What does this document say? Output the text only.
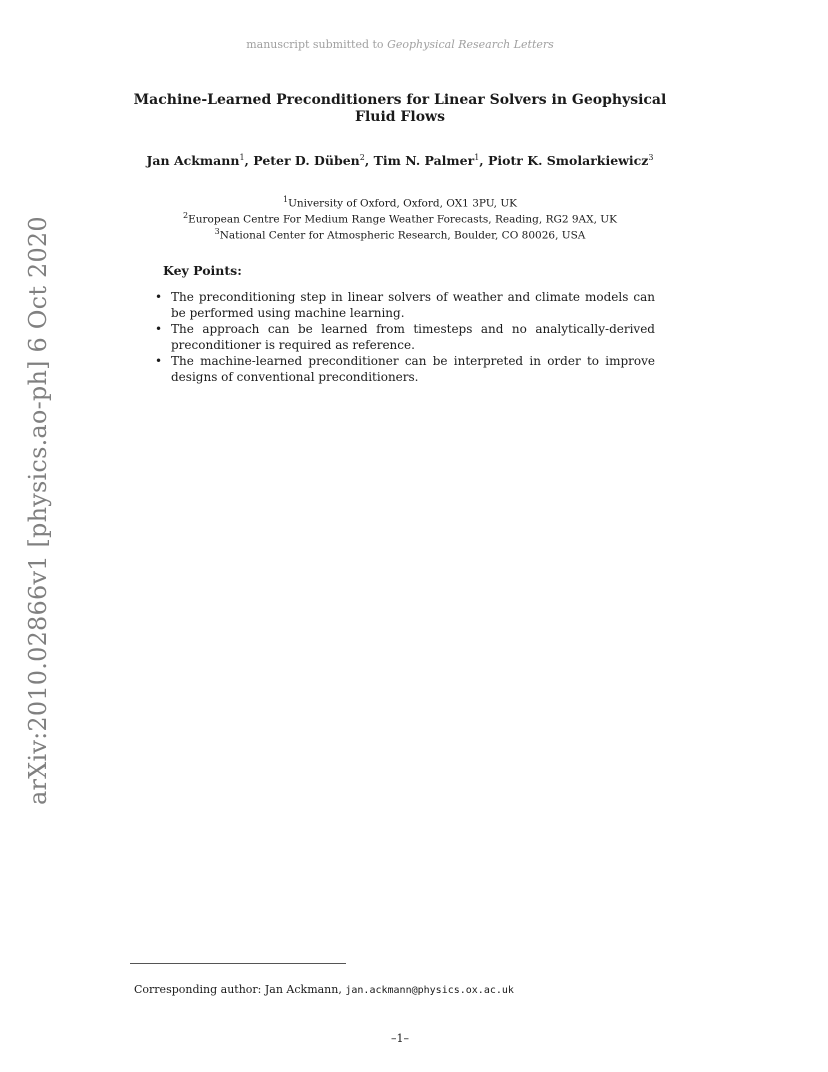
manuscript submitted to Geophysical Research Letters
arXiv:2010.02866v1 [physics.ao-ph] 6 Oct 2020
Machine-Learned Preconditioners for Linear Solvers in Geophysical
Fluid Flows
Jan Ackmann$^1$, Peter D. Düben$^2$, Tim N. Palmer$^1$, Piotr K. Smolarkiewicz$^3$
$^1$University of Oxford, Oxford, OX1 3PU, UK
$^2$European Centre For Medium Range Weather Forecasts, Reading, RG2 9AX, UK
$^3$National Center for Atmospheric Research, Boulder, CO 80026, USA
Key Points:
• The preconditioning step in linear solvers of weather and climate models can be performed using machine learning.
• The approach can be learned from timesteps and no analytically-derived preconditioner is required as reference.
• The machine-learned preconditioner can be interpreted in order to improve designs of conventional preconditioners.
Corresponding author: Jan Ackmann, jan.ackmann@physics.ox.ac.uk
–1–
